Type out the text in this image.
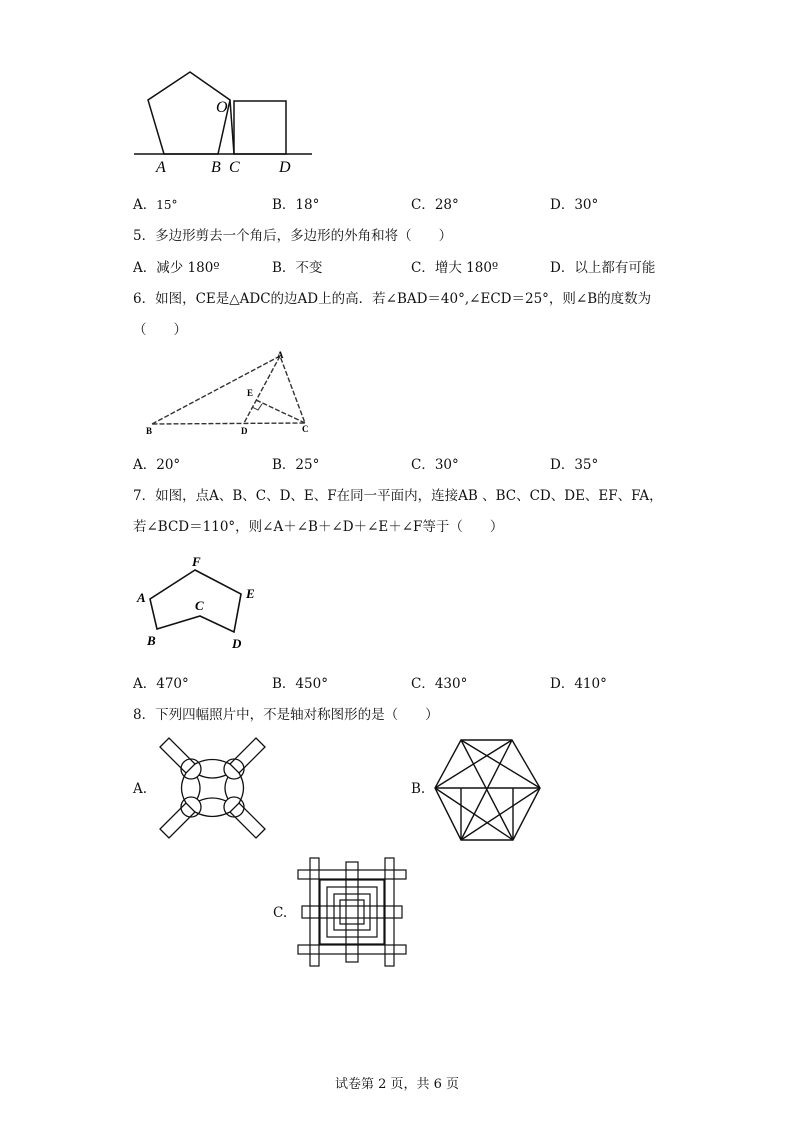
O
A	B C D
A．15°	B．18°	C．28°	D．30°
5．多边形剪去一个角后，多边形的外角和将（　　）
A．减少 180º	B．不变	C．增大 180º	D．以上都有可能
6．如图，CE是△ADC的边AD上的高．若∠BAD＝40°,∠ECD＝25°，则∠B的度数为
（　　）
A
B	D	C
E
A．20°	B．25°	C．30°	D．35°
7．如图，点A、B、C、D、E、F在同一平面内，连接AB 、BC、CD、DE、EF、FA，
若∠BCD＝110°，则∠A＋∠B＋∠D＋∠E＋∠F等于（　　）
F
A	E
C
B	D
A．470°	B．450°	C．430°	D．410°
8．下列四幅照片中，不是轴对称图形的是（　　）
A.	B.
C.
试卷第 2 页，共 6 页
